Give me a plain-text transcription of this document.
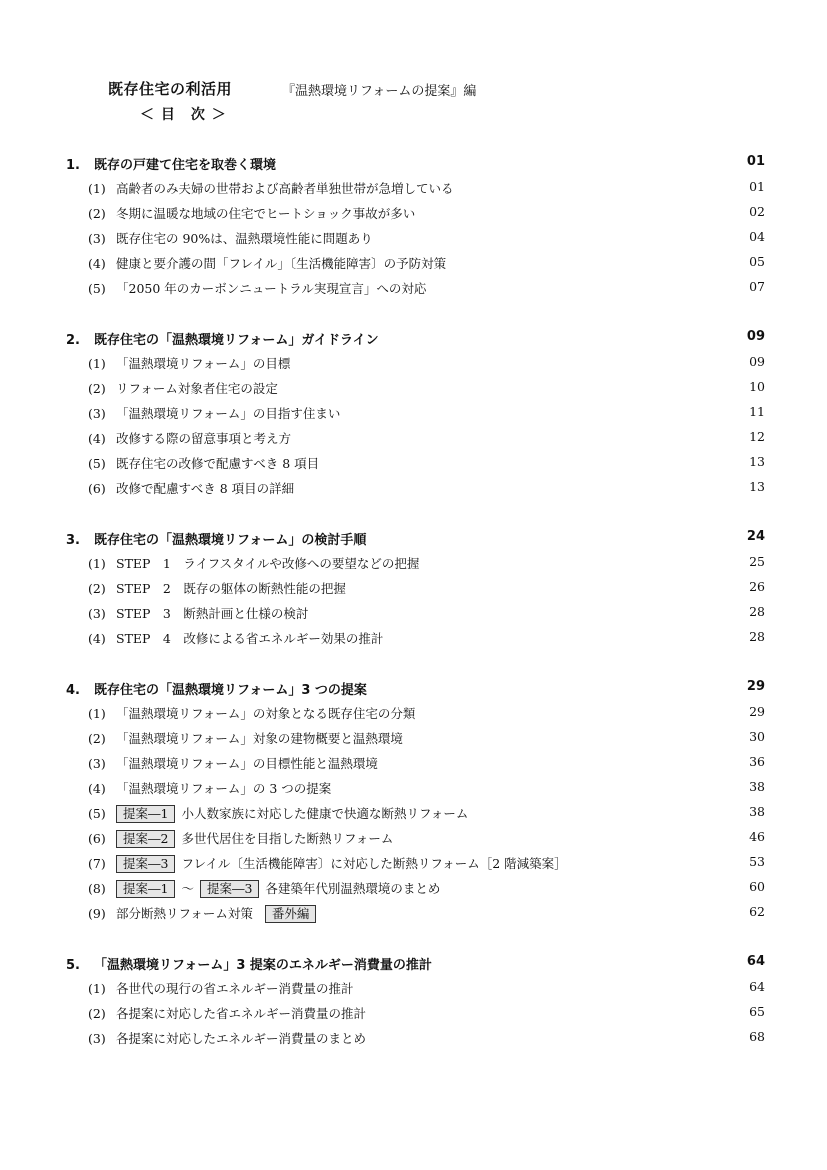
既存住宅の利活用	『温熱環境リフォームの提案』編
＜ 目　次 ＞
1. 既存の戸建て住宅を取巻く環境	01
(1) 高齢者のみ夫婦の世帯および高齢者単独世帯が急増している	01
(2) 冬期に温暖な地域の住宅でヒートショック事故が多い	02
(3) 既存住宅の 90%は、温熱環境性能に問題あり	04
(4) 健康と要介護の間「フレイル」〔生活機能障害〕の予防対策	05
(5) 「2050 年のカーボンニュートラル実現宣言」への対応	07
2. 既存住宅の「温熱環境リフォーム」ガイドライン	09
(1) 「温熱環境リフォーム」の目標	09
(2) リフォーム対象者住宅の設定	10
(3) 「温熱環境リフォーム」の目指す住まい	11
(4) 改修する際の留意事項と考え方	12
(5) 既存住宅の改修で配慮すべき 8 項目	13
(6) 改修で配慮すべき 8 項目の詳細	13
3. 既存住宅の「温熱環境リフォーム」の検討手順	24
(1) STEP　1　ライフスタイルや改修への要望などの把握	25
(2) STEP　2　既存の躯体の断熱性能の把握	26
(3) STEP　3　断熱計画と仕様の検討	28
(4) STEP　4　改修による省エネルギー効果の推計	28
4. 既存住宅の「温熱環境リフォーム」3 つの提案	29
(1) 「温熱環境リフォーム」の対象となる既存住宅の分類	29
(2) 「温熱環境リフォーム」対象の建物概要と温熱環境	30
(3) 「温熱環境リフォーム」の目標性能と温熱環境	36
(4) 「温熱環境リフォーム」の 3 つの提案	38
(5) 提案―1 小人数家族に対応した健康で快適な断熱リフォーム	38
(6) 提案―2 多世代居住を目指した断熱リフォーム	46
(7) 提案―3 フレイル〔生活機能障害〕に対応した断熱リフォーム［2 階減築案］	53
(8) 提案―1 ～ 提案―3 各建築年代別温熱環境のまとめ	60
(9) 部分断熱リフォーム対策 番外編	62
5. 「温熱環境リフォーム」3 提案のエネルギー消費量の推計	64
(1) 各世代の現行の省エネルギー消費量の推計	64
(2) 各提案に対応した省エネルギー消費量の推計	65
(3) 各提案に対応したエネルギー消費量のまとめ	68
